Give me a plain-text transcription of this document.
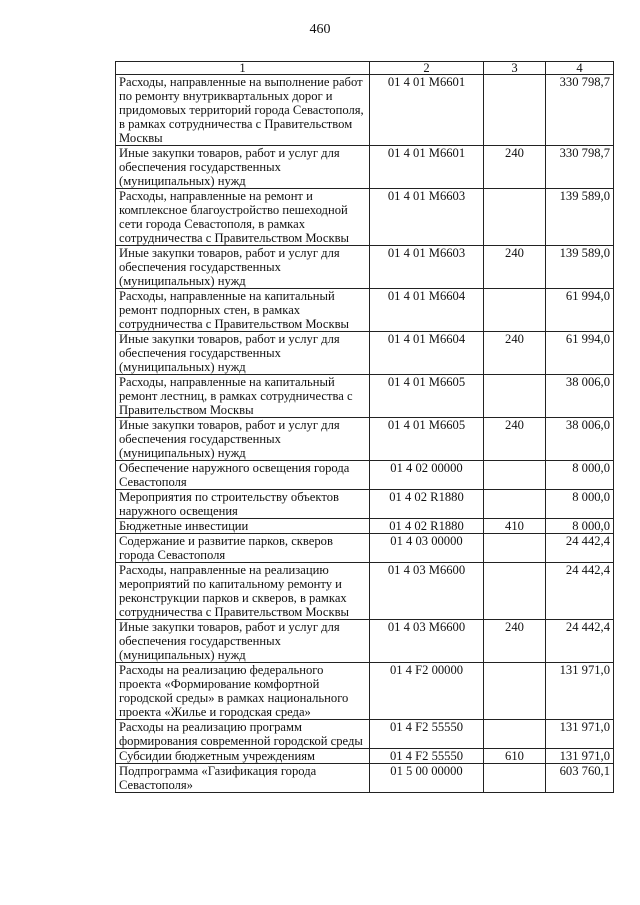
460
1	2	3	4
Расходы, направленные на выполнение работ по ремонту внутриквартальных дорог и придомовых территорий города Севастополя, в рамках сотрудничества с Правительством Москвы	01 4 01 М6601		330 798,7
Иные закупки товаров, работ и услуг для обеспечения государственных (муниципальных) нужд	01 4 01 М6601	240	330 798,7
Расходы, направленные на ремонт и комплексное благоустройство пешеходной сети города Севастополя, в рамках сотрудничества с Правительством Москвы	01 4 01 М6603		139 589,0
Иные закупки товаров, работ и услуг для обеспечения государственных (муниципальных) нужд	01 4 01 М6603	240	139 589,0
Расходы, направленные на капитальный ремонт подпорных стен, в рамках сотрудничества с Правительством Москвы	01 4 01 М6604		61 994,0
Иные закупки товаров, работ и услуг для обеспечения государственных (муниципальных) нужд	01 4 01 М6604	240	61 994,0
Расходы, направленные на капитальный ремонт лестниц, в рамках сотрудничества с Правительством Москвы	01 4 01 М6605		38 006,0
Иные закупки товаров, работ и услуг для обеспечения государственных (муниципальных) нужд	01 4 01 М6605	240	38 006,0
Обеспечение наружного освещения города Севастополя	01 4 02 00000		8 000,0
Мероприятия по строительству объектов наружного освещения	01 4 02 R1880		8 000,0
Бюджетные инвестиции	01 4 02 R1880	410	8 000,0
Содержание и развитие парков, скверов города Севастополя	01 4 03 00000		24 442,4
Расходы, направленные на реализацию мероприятий по капитальному ремонту и реконструкции парков и скверов, в рамках сотрудничества с Правительством Москвы	01 4 03 М6600		24 442,4
Иные закупки товаров, работ и услуг для обеспечения государственных (муниципальных) нужд	01 4 03 М6600	240	24 442,4
Расходы на реализацию федерального проекта «Формирование комфортной городской среды» в рамках национального проекта «Жилье и городская среда»	01 4 F2 00000		131 971,0
Расходы на реализацию программ формирования современной городской среды	01 4 F2 55550		131 971,0
Субсидии бюджетным учреждениям	01 4 F2 55550	610	131 971,0
Подпрограмма «Газификация города Севастополя»	01 5 00 00000		603 760,1
